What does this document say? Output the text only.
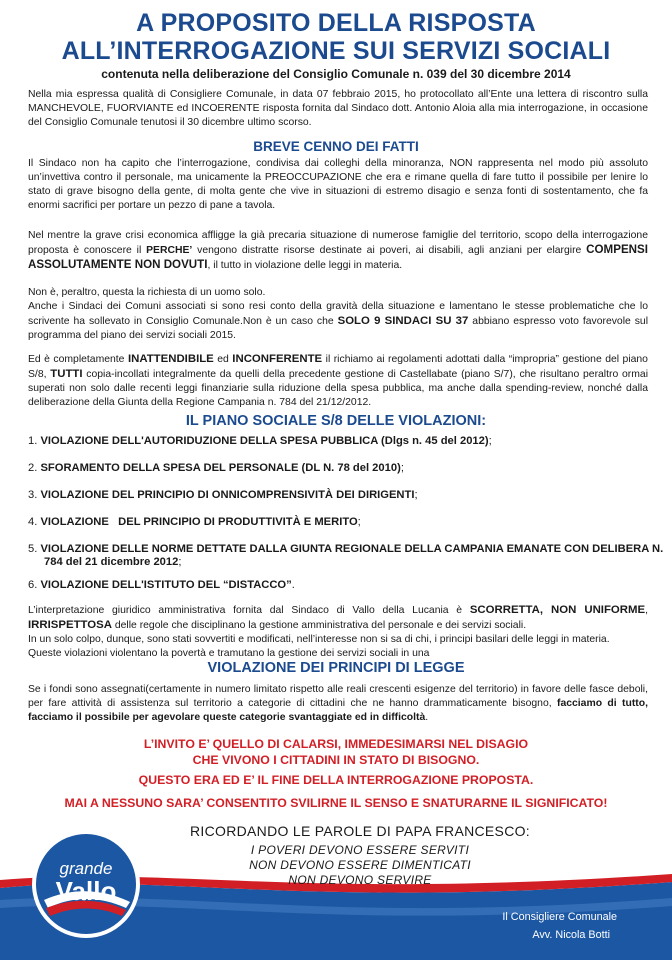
A PROPOSITO DELLA RISPOSTA
ALL’INTERROGAZIONE SUI SERVIZI SOCIALI
contenuta nella deliberazione del Consiglio Comunale n. 039 del 30 dicembre 2014
Nella mia espressa qualità di Consigliere Comunale, in data 07 febbraio 2015, ho protocollato all’Ente una lettera di riscontro sulla MANCHEVOLE, FUORVIANTE ed INCOERENTE risposta fornita dal Sindaco dott. Antonio Aloia alla mia interrogazione, in occasione del Consiglio Comunale tenutosi il 30 dicembre ultimo scorso.
BREVE CENNO DEI FATTI
Il Sindaco non ha capito che l’interrogazione, condivisa dai colleghi della minoranza, NON rappresenta nel modo più assoluto un’invettiva contro il personale, ma unicamente la PREOCCUPAZIONE che era e rimane quella di fare tutto il possibile per lenire lo stato di grave bisogno della gente, di molta gente che vive in situazioni di estremo disagio e senza fonti di sostentamento, che fa enormi sacrifici per portare un pezzo di pane a tavola.
Nel mentre la grave crisi economica affligge la già precaria situazione di numerose famiglie del territorio, scopo della interrogazione proposta è conoscere il PERCHE’ vengono distratte risorse destinate ai poveri, ai disabili, agli anziani per elargire COMPENSI ASSOLUTAMENTE NON DOVUTI, il tutto in violazione delle leggi in materia.
Non è, peraltro, questa la richiesta di un uomo solo.
Anche i Sindaci dei Comuni associati si sono resi conto della gravità della situazione e lamentano le stesse problematiche che lo scrivente ha sollevato in Consiglio Comunale.Non è un caso che SOLO 9 SINDACI SU 37 abbiano espresso voto favorevole sul programma del piano dei servizi sociali 2015.
Ed è completamente INATTENDIBILE ed INCONFERENTE il richiamo ai regolamenti adottati dalla “impropria” gestione del piano S/8, TUTTI copia-incollati integralmente da quelli della precedente gestione di Castellabate (piano S/7), che risultano peraltro ormai superati non solo dalle recenti leggi finanziarie sulla riduzione della spesa pubblica, ma anche dalla spending-review, nonché dalla deliberazione della Giunta della Regione Campania n. 784 del 21/12/2012.
IL PIANO SOCIALE S/8 DELLE VIOLAZIONI:
1. VIOLAZIONE DELL'AUTORIDUZIONE DELLA SPESA PUBBLICA (Dlgs n. 45 del 2012);
2. SFORAMENTO DELLA SPESA DEL PERSONALE (DL N. 78 del 2010);
3. VIOLAZIONE DEL PRINCIPIO DI ONNICOMPRENSIVITÀ DEI DIRIGENTI;
4. VIOLAZIONE   DEL PRINCIPIO DI PRODUTTIVITÀ E MERITO;
5. VIOLAZIONE DELLE NORME DETTATE DALLA GIUNTA REGIONALE DELLA CAMPANIA EMANATE CON DELIBERA N. 784 del 21 dicembre 2012;
6. VIOLAZIONE DELL'ISTITUTO DEL “DISTACCO”.
L’interpretazione giuridico amministrativa fornita dal Sindaco di Vallo della Lucania è SCORRETTA, NON UNIFORME, IRRISPETTOSA delle regole che disciplinano la gestione amministrativa del personale e dei servizi sociali.
In un solo colpo, dunque, sono stati sovvertiti e modificati, nell’interesse non si sa di chi, i principi basilari delle leggi in materia.
Queste violazioni violentano la povertà e tramutano la gestione dei servizi sociali in una
VIOLAZIONE DEI PRINCIPI DI LEGGE
Se i fondi sono assegnati(certamente in numero limitato rispetto alle reali crescenti esigenze del territorio) in favore delle fasce deboli, per fare attività di assistenza sul territorio a categorie di cittadini che ne hanno drammaticamente bisogno, facciamo di tutto, facciamo il possibile per agevolare queste categorie svantaggiate ed in difficoltà.
L’INVITO E’ QUELLO DI CALARSI, IMMEDESIMARSI NEL DISAGIO
CHE VIVONO I CITTADINI IN STATO DI BISOGNO.
QUESTO ERA ED E’ IL FINE DELLA INTERROGAZIONE PROPOSTA.
MAI A NESSUNO SARA’ CONSENTITO SVILIRNE IL SENSO E SNATURARNE IL SIGNIFICATO!
RICORDANDO LE PAROLE DI PAPA FRANCESCO:
I POVERI DEVONO ESSERE SERVITI
NON DEVONO ESSERE DIMENTICATI
NON DEVONO SERVIRE
grande
Vallo
Il Consigliere Comunale
Avv. Nicola Botti
